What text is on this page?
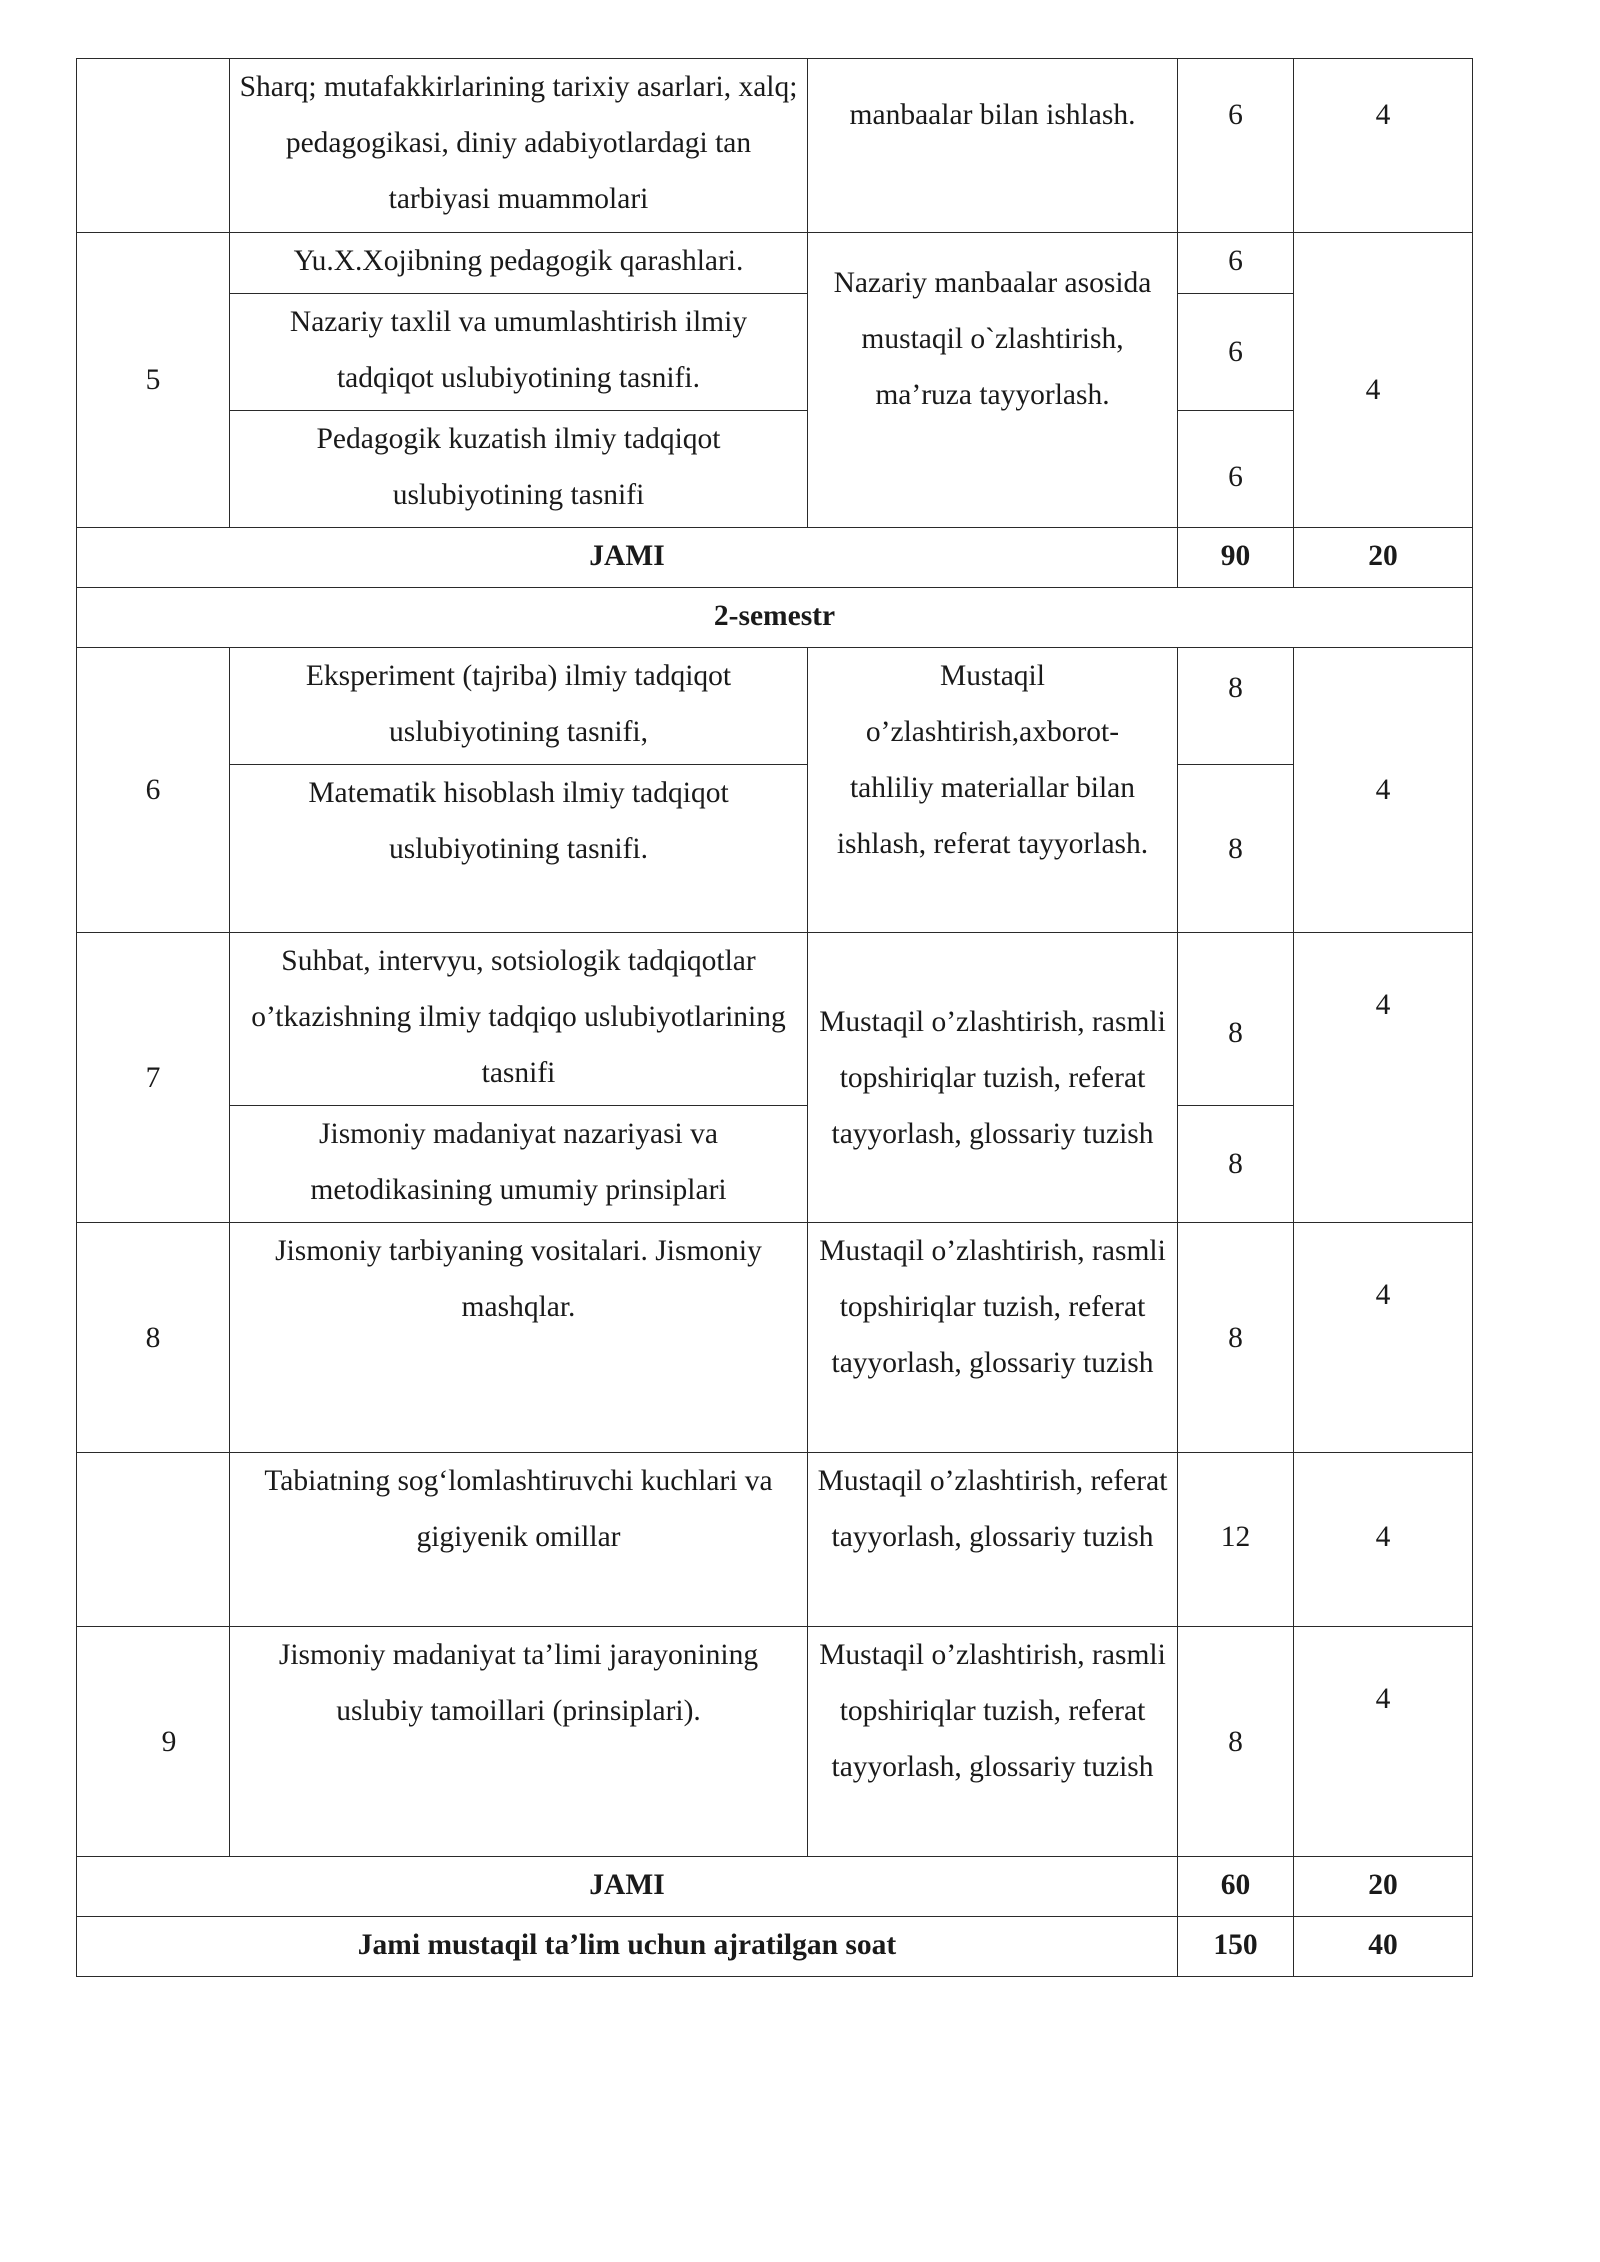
	Sharq; mutafakkirlarining tarixiy asarlari, xalq; pedagogikasi, diniy adabiyotlardagi tan tarbiyasi muammolari	manbaalar bilan ishlash.	6	4
5	Yu.X.Xojibning pedagogik qarashlari.	Nazariy manbaalar asosida mustaqil o`zlashtirish, ma’ruza tayyorlash.	6	4
	Nazariy taxlil va umumlashtirish ilmiy tadqiqot uslubiyotining tasnifi.		6	
	Pedagogik kuzatish ilmiy tadqiqot uslubiyotining tasnifi		6	
JAMI			90	20
2-semestr				
6	Eksperiment (tajriba) ilmiy tadqiqot uslubiyotining tasnifi,	Mustaqil o’zlashtirish,axborot-tahliliy materiallar bilan ishlash, referat tayyorlash.	8	4
	Matematik hisoblash ilmiy tadqiqot uslubiyotining tasnifi.		8	
7	Suhbat, intervyu, sotsiologik tadqiqotlar o’tkazishning ilmiy tadqiqo uslubiyotlarining tasnifi	Mustaqil o’zlashtirish, rasmli topshiriqlar tuzish, referat tayyorlash, glossariy tuzish	8	4
	Jismoniy madaniyat nazariyasi va metodikasining umumiy prinsiplari		8	
8	Jismoniy tarbiyaning vositalari. Jismoniy mashqlar.	Mustaqil o’zlashtirish, rasmli topshiriqlar tuzish, referat tayyorlash, glossariy tuzish	8	4
	Tabiatning sog‘lomlashtiruvchi kuchlari va gigiyenik omillar	Mustaqil o’zlashtirish, referat tayyorlash, glossariy tuzish	12	4
9	Jismoniy madaniyat ta’limi jarayonining uslubiy tamoillari (prinsiplari).	Mustaqil o’zlashtirish, rasmli topshiriqlar tuzish, referat tayyorlash, glossariy tuzish	8	4
JAMI			60	20
Jami mustaqil ta’lim uchun ajratilgan soat			150	40
